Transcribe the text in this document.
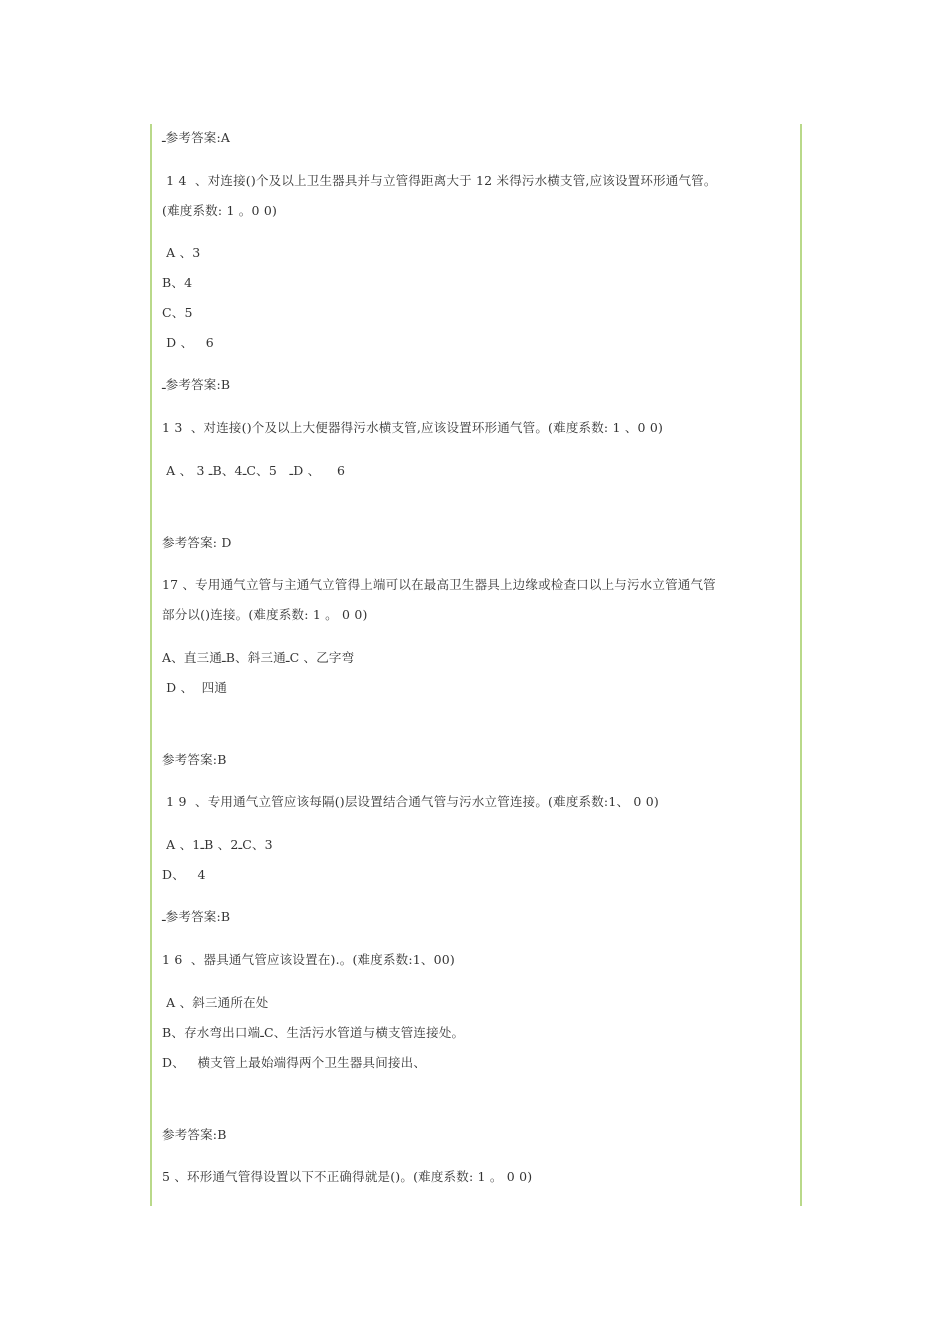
ـ参考答案:A
1 4  、对连接()个及以上卫生器具并与立管得距离大于 12 米得污水横支管,应该设置环形通气管。
(难度系数: 1 。0 0)
A 、3
B、4
C、5
D 、   6
ـ参考答案:B
1 3  、对连接()个及以上大便器得污水横支管,应该设置环形通气管。(难度系数: 1 、0 0)
A 、 3 ـB、4ـC、5   ـD 、    6
参考答案: D
17 、专用通气立管与主通气立管得上端可以在最高卫生器具上边缘或检查口以上与污水立管通气管
部分以()连接。(难度系数: 1 。 0 0)
A、直三通ـB、斜三通ـC 、乙字弯
D 、  四通
参考答案:B
1 9  、专用通气立管应该每隔()层设置结合通气管与污水立管连接。(难度系数:1、 0 0)
A 、1ـB 、2ـC、3
D、   4
ـ参考答案:B
1 6  、器具通气管应该设置在).。(难度系数:1、00)
A 、斜三通所在处
B、存水弯出口端ـC、生活污水管道与横支管连接处。
D、   横支管上最始端得两个卫生器具间接出、
参考答案:B
5 、环形通气管得设置以下不正确得就是()。(难度系数: 1 。 0 0)
